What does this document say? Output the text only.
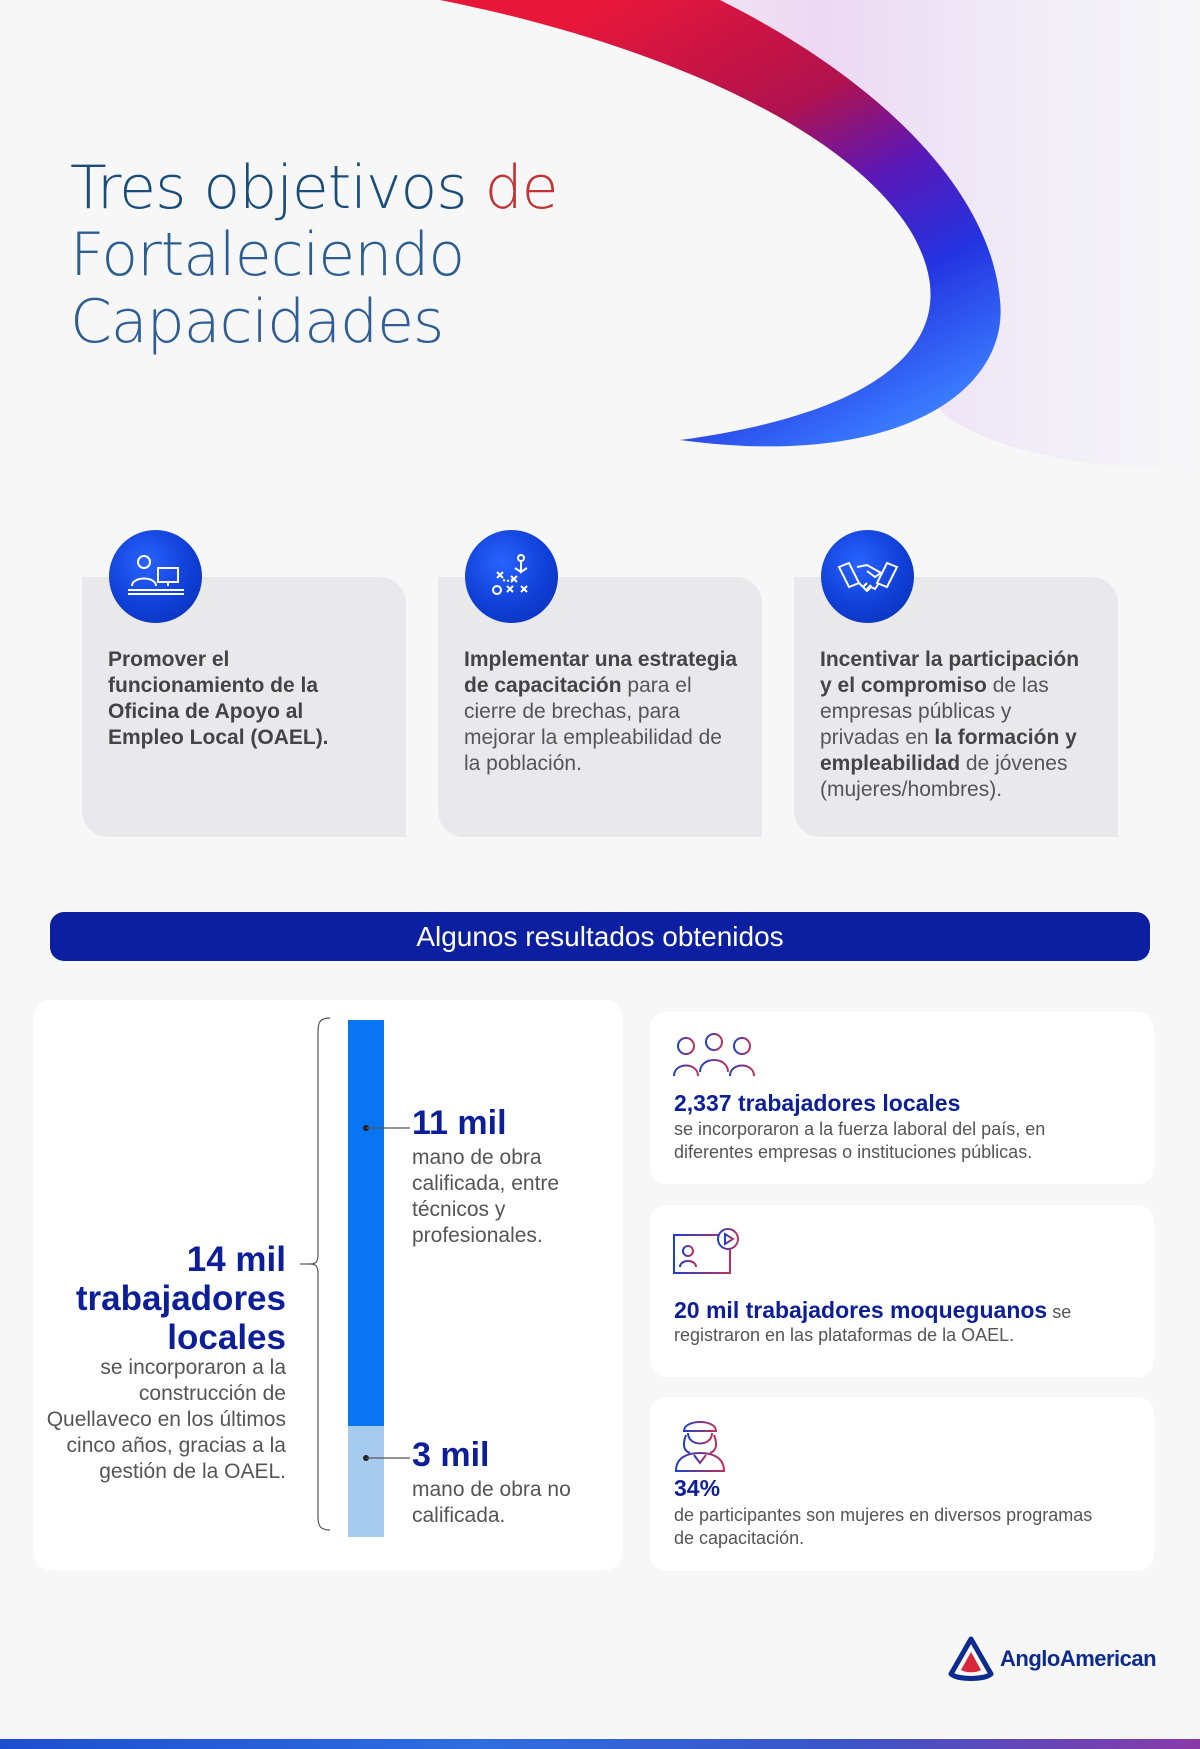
Tres objetivos de
Fortaleciendo
Capacidades
Promover el funcionamiento de la Oficina de Apoyo al Empleo Local (OAEL).
Implementar una estrategia de capacitación para el cierre de brechas, para mejorar la empleabilidad de la población.
Incentivar la participación y el compromiso de las empresas públicas y privadas en la formación y empleabilidad de jóvenes (mujeres/hombres).
Algunos resultados obtenidos
14 mil
trabajadores
locales
se incorporaron a la construcción de Quellaveco en los últimos cinco años, gracias a la gestión de la OAEL.
11 mil
mano de obra calificada, entre técnicos y profesionales.
3 mil
mano de obra no calificada.
2,337 trabajadores locales
se incorporaron a la fuerza laboral del país, en diferentes empresas o instituciones públicas.
20 mil trabajadores moqueguanos se
registraron en las plataformas de la OAEL.
34%
de participantes son mujeres en diversos programas de capacitación.
AngloAmerican
